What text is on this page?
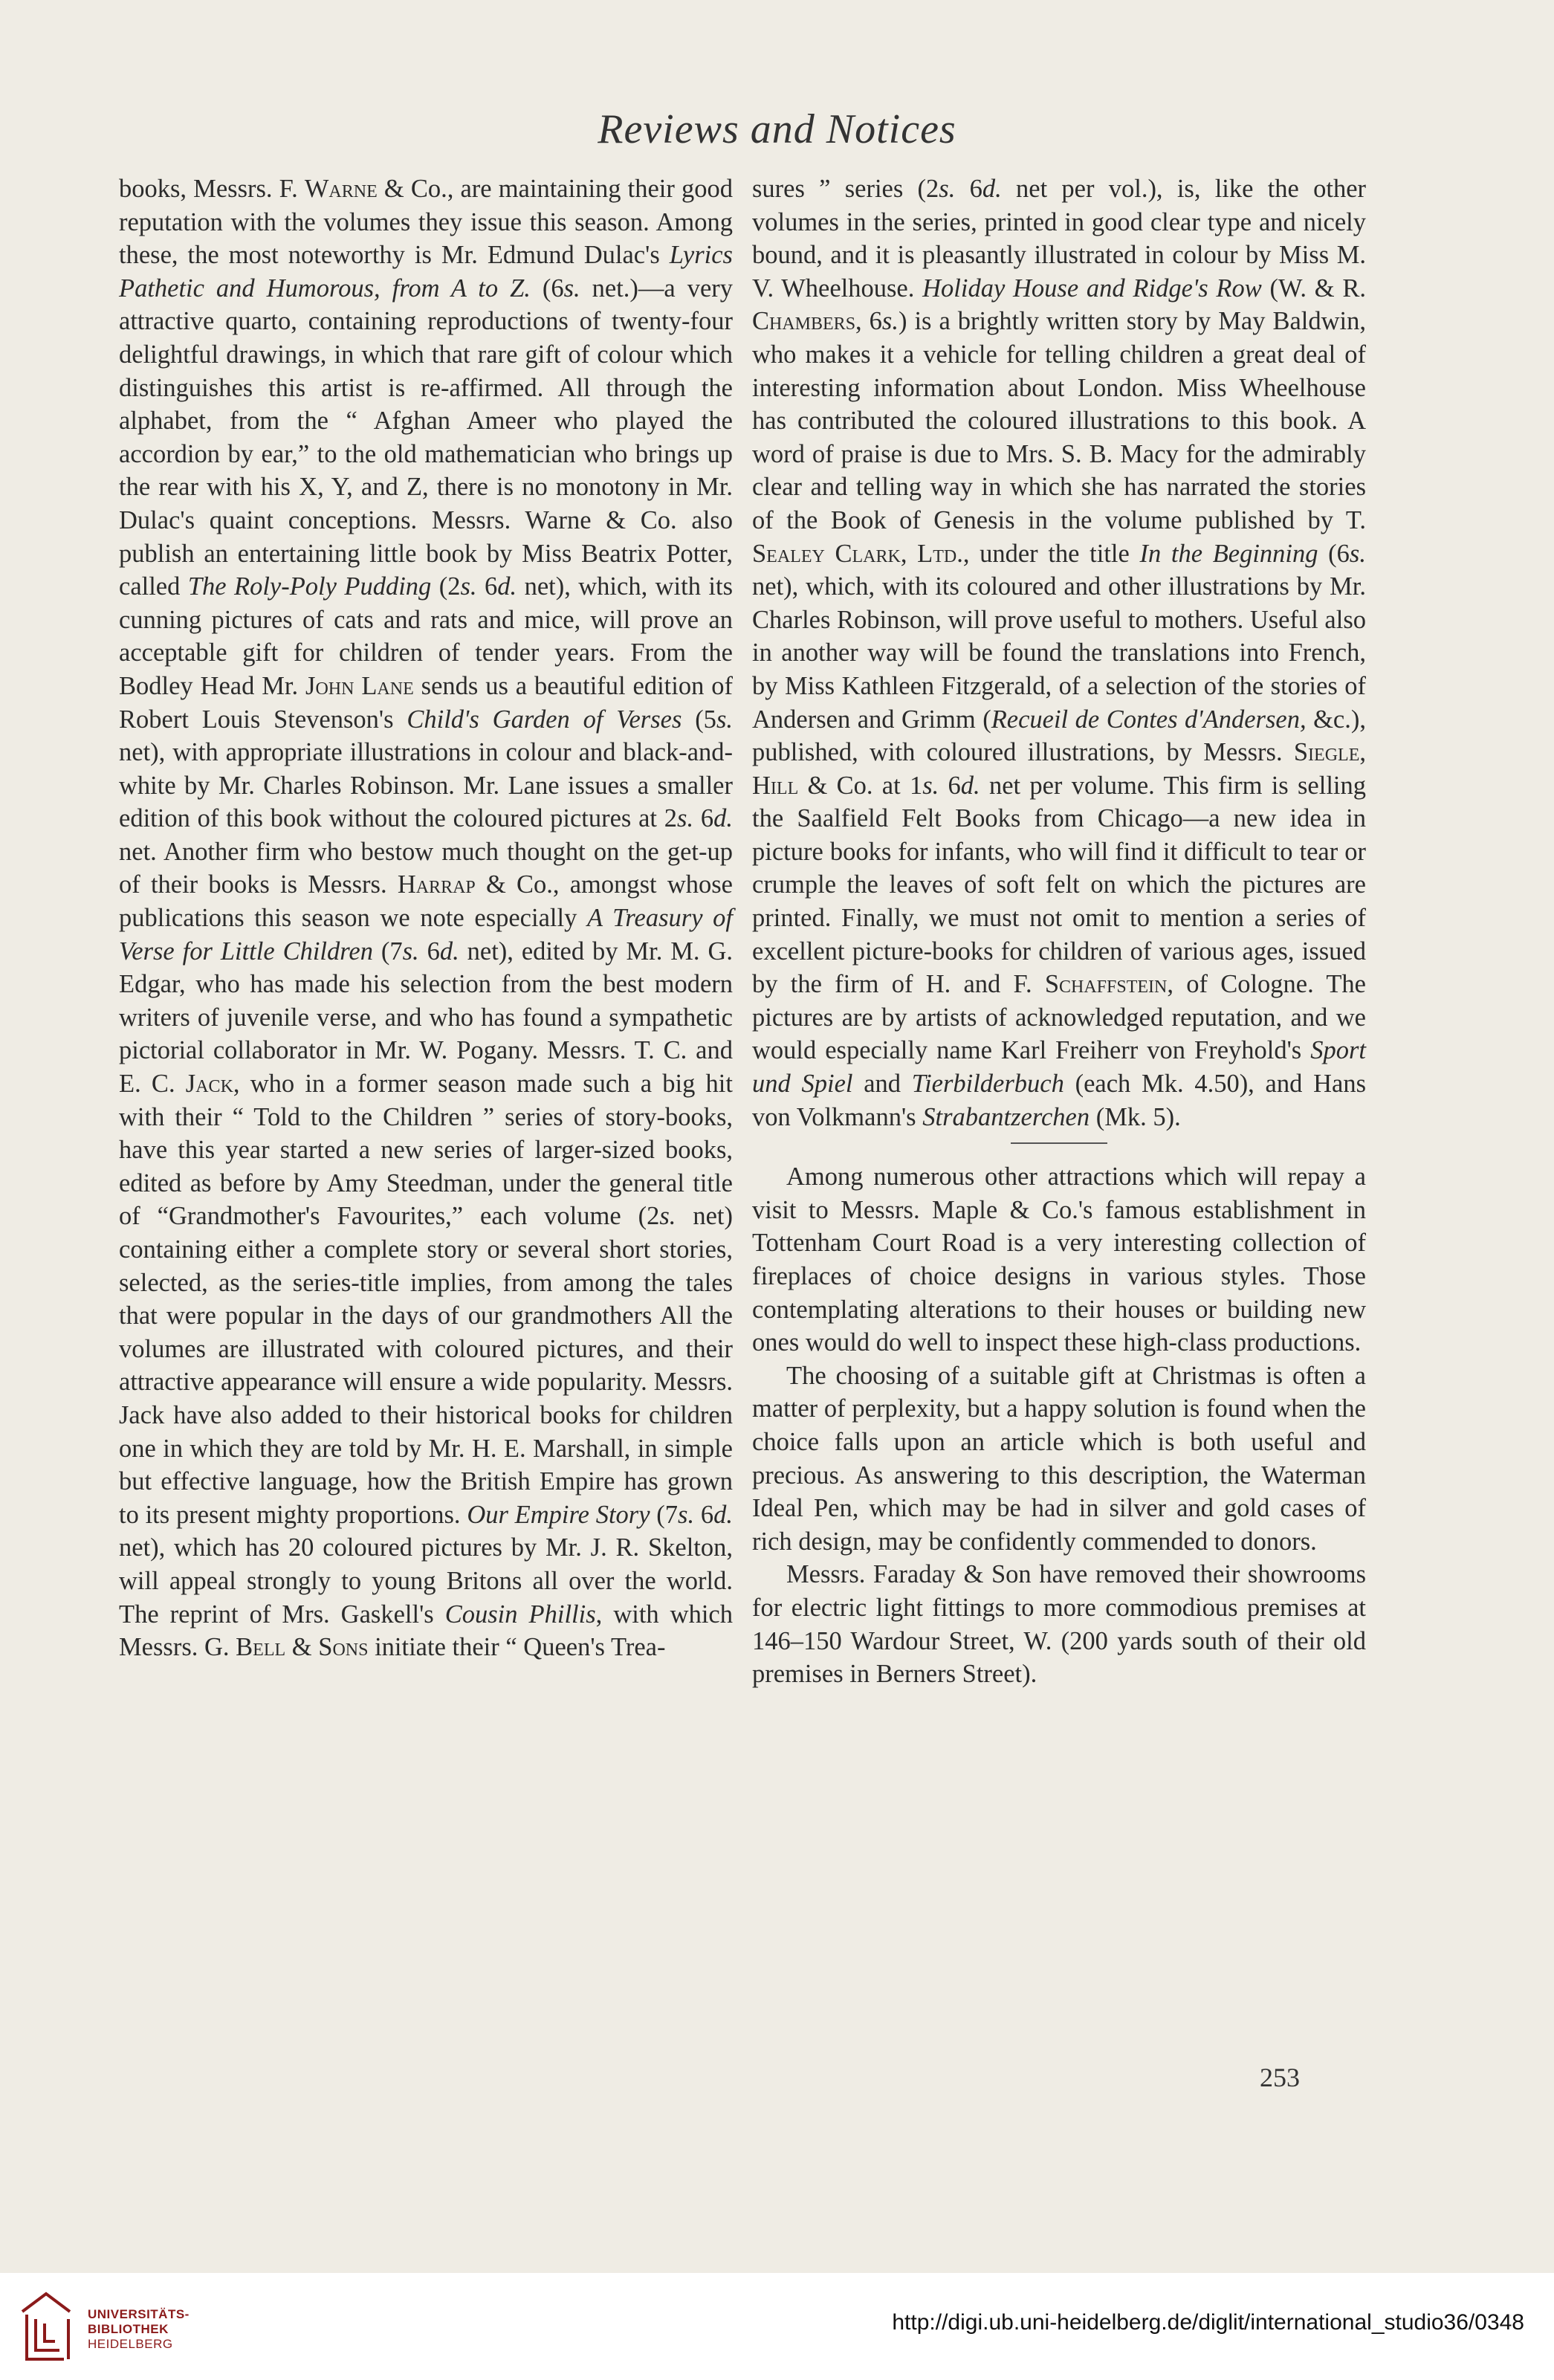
Reviews and Notices

books, Messrs. F. Warne & Co., are maintaining their good reputation with the volumes they issue this season. Among these, the most noteworthy is Mr. Edmund Dulac's Lyrics Pathetic and Humorous, from A to Z. (6s. net.)—a very attractive quarto, containing reproductions of twenty-four delightful drawings, in which that rare gift of colour which distinguishes this artist is re-affirmed. All through the alphabet, from the “ Afghan Ameer who played the accordion by ear,” to the old mathematician who brings up the rear with his X, Y, and Z, there is no monotony in Mr. Dulac's quaint conceptions. Messrs. Warne & Co. also publish an entertaining little book by Miss Beatrix Potter, called The Roly-Poly Pudding (2s. 6d. net), which, with its cunning pictures of cats and rats and mice, will prove an acceptable gift for children of tender years. From the Bodley Head Mr. John Lane sends us a beautiful edition of Robert Louis Stevenson's Child's Garden of Verses (5s. net), with appropriate illustrations in colour and black-and-white by Mr. Charles Robinson. Mr. Lane issues a smaller edition of this book without the coloured pictures at 2s. 6d. net. Another firm who bestow much thought on the get-up of their books is Messrs. Harrap & Co., amongst whose publications this season we note especially A Treasury of Verse for Little Children (7s. 6d. net), edited by Mr. M. G. Edgar, who has made his selection from the best modern writers of juvenile verse, and who has found a sympathetic pictorial collaborator in Mr. W. Pogany. Messrs. T. C. and E. C. Jack, who in a former season made such a big hit with their “ Told to the Children ” series of story-books, have this year started a new series of larger-sized books, edited as before by Amy Steedman, under the general title of “Grandmother's Favourites,” each volume (2s. net) containing either a complete story or several short stories, selected, as the series-title implies, from among the tales that were popular in the days of our grandmothers All the volumes are illustrated with coloured pictures, and their attractive appearance will ensure a wide popularity. Messrs. Jack have also added to their historical books for children one in which they are told by Mr. H. E. Marshall, in simple but effective language, how the British Empire has grown to its present mighty proportions. Our Empire Story (7s. 6d. net), which has 20 coloured pictures by Mr. J. R. Skelton, will appeal strongly to young Britons all over the world. The reprint of Mrs. Gaskell's Cousin Phillis, with which Messrs. G. Bell & Sons initiate their “ Queen's Trea-

sures ” series (2s. 6d. net per vol.), is, like the other volumes in the series, printed in good clear type and nicely bound, and it is pleasantly illustrated in colour by Miss M. V. Wheelhouse. Holiday House and Ridge's Row (W. & R. Chambers, 6s.) is a brightly written story by May Baldwin, who makes it a vehicle for telling children a great deal of interesting information about London. Miss Wheelhouse has contributed the coloured illustrations to this book. A word of praise is due to Mrs. S. B. Macy for the admirably clear and telling way in which she has narrated the stories of the Book of Genesis in the volume published by T. Sealey Clark, Ltd., under the title In the Beginning (6s. net), which, with its coloured and other illustrations by Mr. Charles Robinson, will prove useful to mothers. Useful also in another way will be found the translations into French, by Miss Kathleen Fitzgerald, of a selection of the stories of Andersen and Grimm (Recueil de Contes d'Andersen, &c.), published, with coloured illustrations, by Messrs. Siegle, Hill & Co. at 1s. 6d. net per volume. This firm is selling the Saalfield Felt Books from Chicago—a new idea in picture books for infants, who will find it difficult to tear or crumple the leaves of soft felt on which the pictures are printed. Finally, we must not omit to mention a series of excellent picture-books for children of various ages, issued by the firm of H. and F. Schaffstein, of Cologne. The pictures are by artists of acknowledged reputation, and we would especially name Karl Freiherr von Freyhold's Sport und Spiel and Tierbilderbuch (each Mk. 4.50), and Hans von Volkmann's Strabantzerchen (Mk. 5).

Among numerous other attractions which will repay a visit to Messrs. Maple & Co.'s famous establishment in Tottenham Court Road is a very interesting collection of fireplaces of choice designs in various styles. Those contemplating alterations to their houses or building new ones would do well to inspect these high-class productions.

The choosing of a suitable gift at Christmas is often a matter of perplexity, but a happy solution is found when the choice falls upon an article which is both useful and precious. As answering to this description, the Waterman Ideal Pen, which may be had in silver and gold cases of rich design, may be confidently commended to donors.

Messrs. Faraday & Son have removed their showrooms for electric light fittings to more commodious premises at 146–150 Wardour Street, W. (200 yards south of their old premises in Berners Street).

253
UNIVERSITÄTS-
BIBLIOTHEK
HEIDELBERG
http://digi.ub.uni-heidelberg.de/diglit/international_studio36/0348
